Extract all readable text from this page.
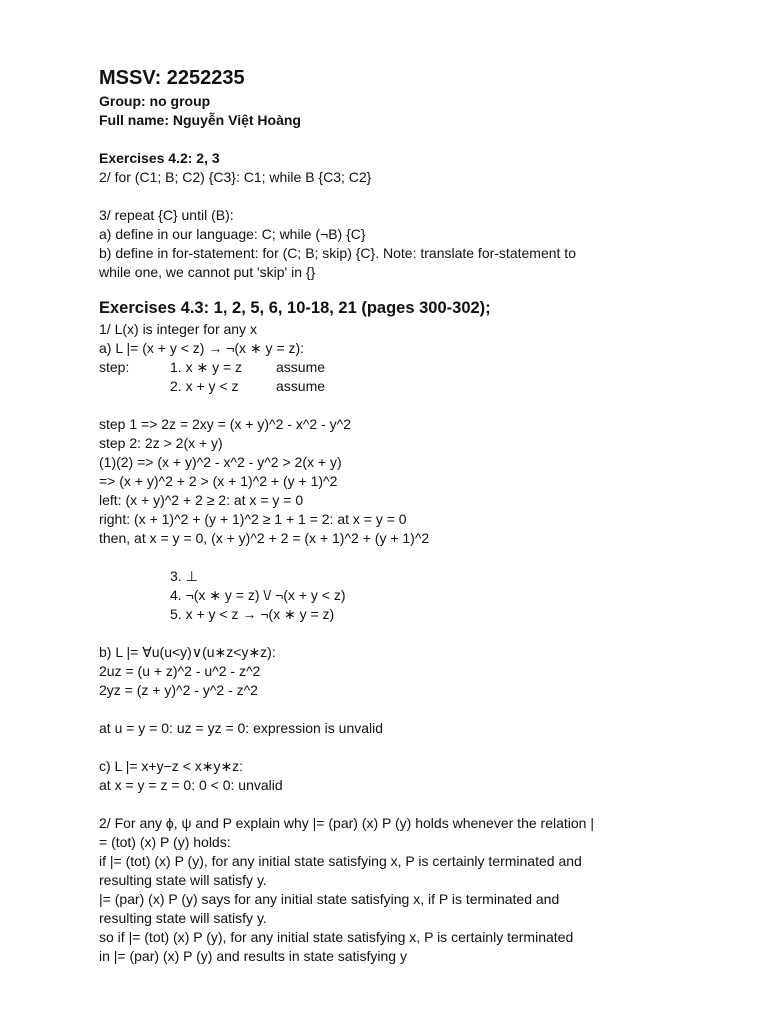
MSSV: 2252235
Group: no group
Full name: Nguyễn Việt Hoàng
Exercises 4.2: 2, 3
2/ for (C1; B; C2) {C3}: C1; while B {C3; C2}
3/ repeat {C} until (B):
a) define in our language: C; while (¬B) {C}
b) define in for-statement: for (C; B; skip) {C}. Note: translate for-statement to
while one, we cannot put 'skip' in {}
Exercises 4.3: 1, 2, 5, 6, 10-18, 21 (pages 300-302);
1/ L(x) is integer for any x
a) L |= (x + y < z) → ¬(x ∗ y = z):
step:	1. x ∗ y = z assume
2. x + y < z	assume
step 1 => 2z = 2xy = (x + y)^2 - x^2 - y^2
step 2: 2z > 2(x + y)
(1)(2) => (x + y)^2 - x^2 - y^2 > 2(x + y)
=> (x + y)^2 + 2 > (x + 1)^2 + (y + 1)^2
left: (x + y)^2 + 2 ≥ 2: at x = y = 0
right: (x + 1)^2 + (y + 1)^2 ≥ 1 + 1 = 2: at x = y = 0
then, at x = y = 0, (x + y)^2 + 2 = (x + 1)^2 + (y + 1)^2
3. ⊥
4. ¬(x ∗ y = z) \/ ¬(x + y < z)
5. x + y < z → ¬(x ∗ y = z)
b) L |= ∀u(u<y)∨(u∗z<y∗z):
2uz = (u + z)^2 - u^2 - z^2
2yz = (z + y)^2 - y^2 - z^2
at u = y = 0: uz = yz = 0: expression is unvalid
c) L |= x+y−z < x∗y∗z:
at x = y = z = 0: 0 < 0: unvalid
2/ For any ϕ, ψ and P explain why |= (par) (x) P (y) holds whenever the relation |
= (tot) (x) P (y) holds:
if |= (tot) (x) P (y), for any initial state satisfying x, P is certainly terminated and
resulting state will satisfy y.
|= (par) (x) P (y) says for any initial state satisfying x, if P is terminated and
resulting state will satisfy y.
so if |= (tot) (x) P (y), for any initial state satisfying x, P is certainly terminated
in |= (par) (x) P (y) and results in state satisfying y
